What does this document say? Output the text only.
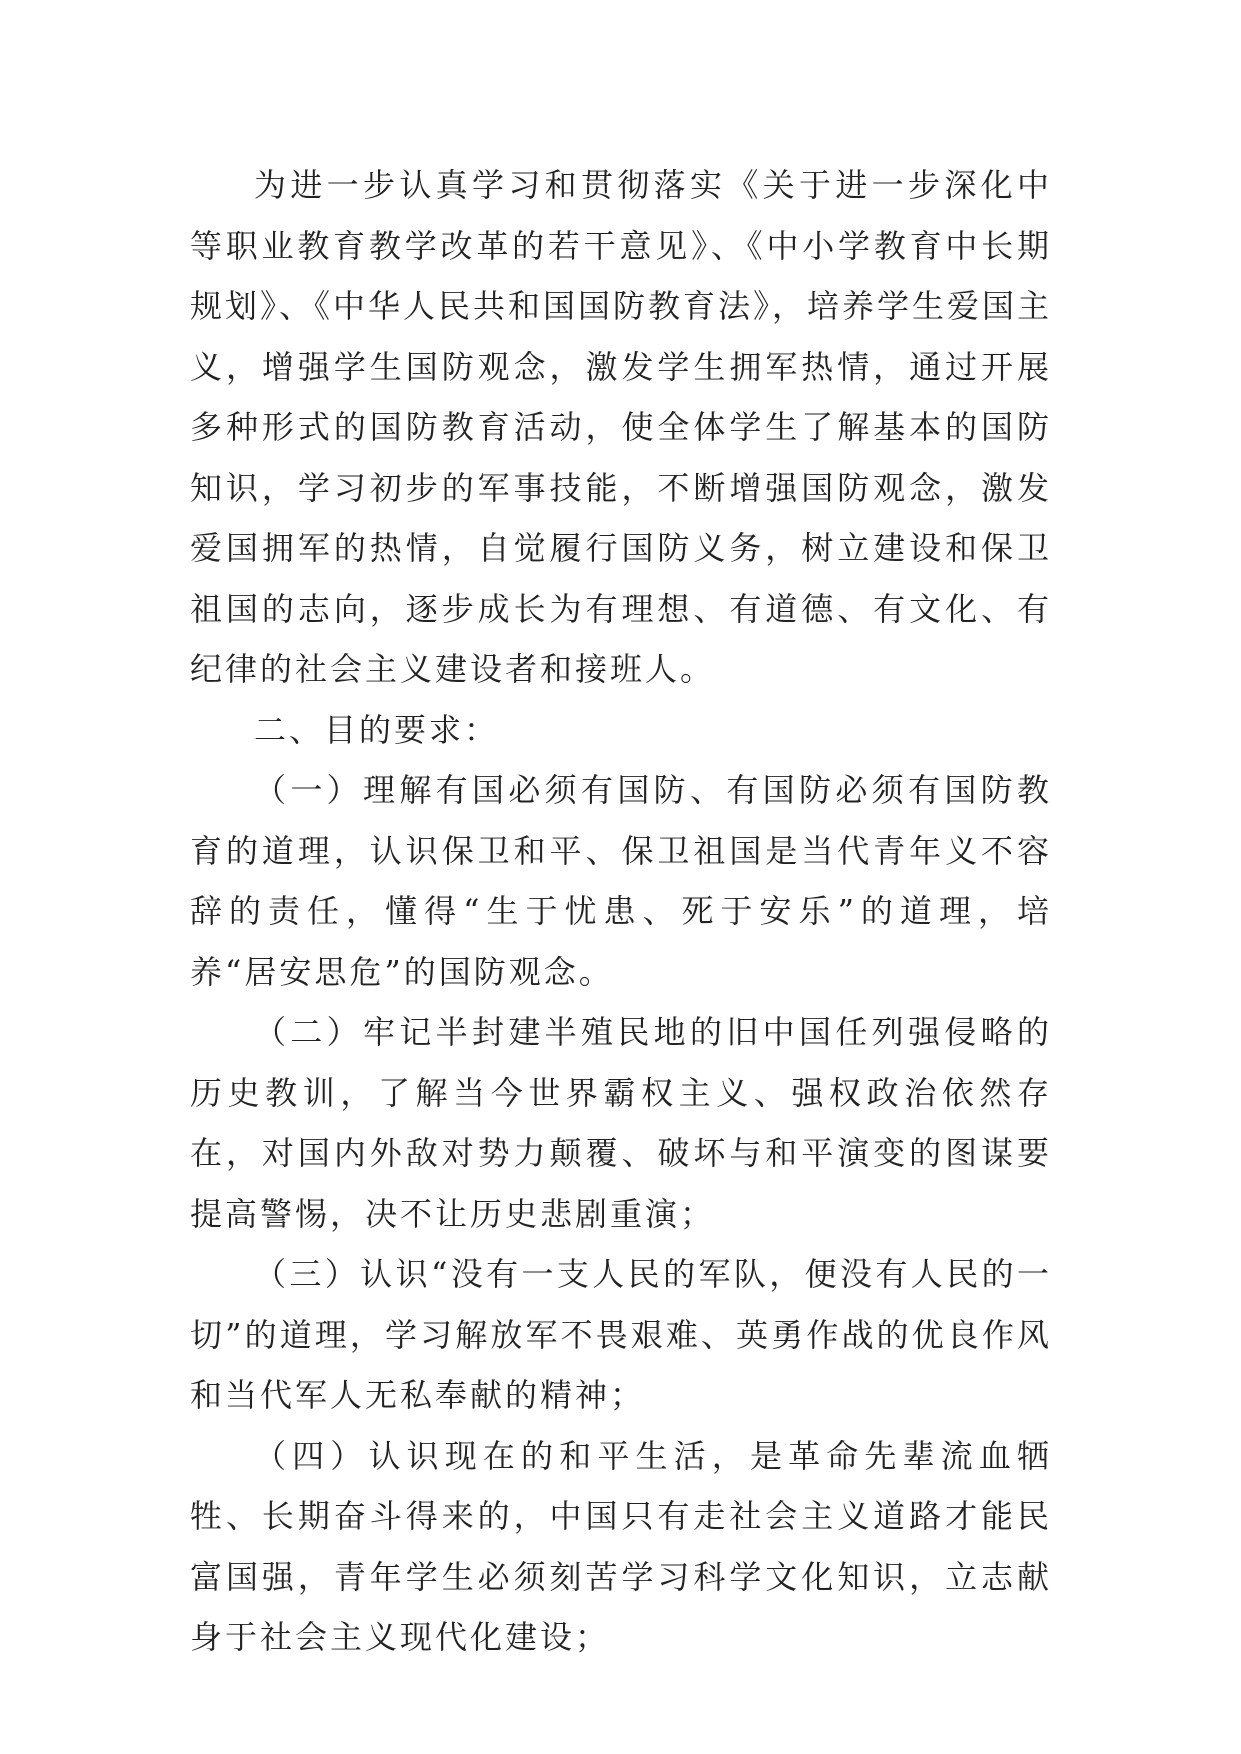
为进一步认真学习和贯彻落实《关于进一步深化中等职业教育教学改革的若干意见》、《中小学教育中长期规划》、《中华人民共和国国防教育法》，培养学生爱国主义，增强学生国防观念，激发学生拥军热情，通过开展多种形式的国防教育活动，使全体学生了解基本的国防知识，学习初步的军事技能，不断增强国防观念，激发爱国拥军的热情，自觉履行国防义务，树立建设和保卫祖国的志向，逐步成长为有理想、有道德、有文化、有纪律的社会主义建设者和接班人。

二、目的要求：

（一）理解有国必须有国防、有国防必须有国防教育的道理，认识保卫和平、保卫祖国是当代青年义不容辞的责任，懂得“生于忧患、死于安乐”的道理，培养“居安思危”的国防观念。

（二）牢记半封建半殖民地的旧中国任列强侵略的历史教训，了解当今世界霸权主义、强权政治依然存在，对国内外敌对势力颠覆、破坏与和平演变的图谋要提高警惕，决不让历史悲剧重演；

（三）认识“没有一支人民的军队，便没有人民的一切”的道理，学习解放军不畏艰难、英勇作战的优良作风和当代军人无私奉献的精神；

（四）认识现在的和平生活，是革命先辈流血牺牲、长期奋斗得来的，中国只有走社会主义道路才能民富国强，青年学生必须刻苦学习科学文化知识，立志献身于社会主义现代化建设；
